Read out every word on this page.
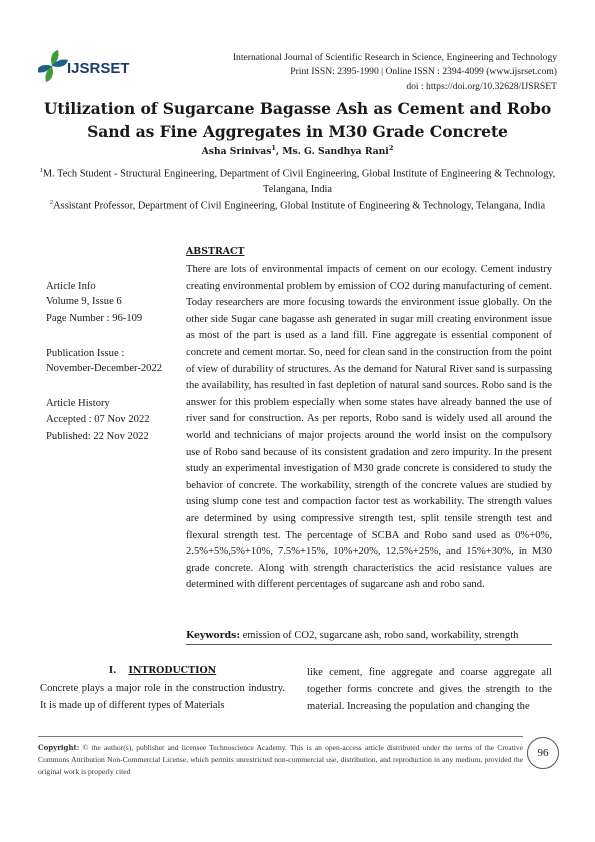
IJSRSET
International Journal of Scientific Research in Science, Engineering and Technology
Print ISSN: 2395-1990 | Online ISSN : 2394-4099 (www.ijsrset.com)
doi : https://doi.org/10.32628/IJSRSET
Utilization of Sugarcane Bagasse Ash as Cement and Robo Sand as Fine Aggregates in M30 Grade Concrete
Asha Srinivas$^1$, Ms. G. Sandhya Rani$^2$
$^1$M. Tech Student - Structural Engineering, Department of Civil Engineering, Global Institute of Engineering & Technology, Telangana, India
$^2$Assistant Professor, Department of Civil Engineering, Global Institute of Engineering & Technology, Telangana, India
Article Info
Volume 9, Issue 6
Page Number : 96-109
Publication Issue :
November-December-2022
Article History
Accepted : 07 Nov 2022
Published: 22 Nov 2022
ABSTRACT
There are lots of environmental impacts of cement on our ecology. Cement industry creating environmental problem by emission of CO2 during manufacturing of cement. Today researchers are more focusing towards the environment issue globally. On the other side Sugar cane bagasse ash generated in sugar mill creating environment issue as most of the part is used as a land fill. Fine aggregate is essential component of concrete and cement mortar. So, need for clean sand in the construction from the point of view of durability of structures. As the demand for Natural River sand is surpassing the availability, has resulted in fast depletion of natural sand sources. Robo sand is the answer for this problem especially when some states have already banned the use of river sand for construction. As per reports, Robo sand is widely used all around the world and technicians of major projects around the world insist on the compulsory use of Robo sand because of its consistent gradation and zero impurity. In the present study an experimental investigation of M30 grade concrete is considered to study the behavior of concrete. The workability, strength of the concrete values are studied by using slump cone test and compaction factor test as workability. The strength values are determined by using compressive strength test, split tensile strength test and flexural strength test. The percentage of SCBA and Robo sand used as 0%+0%, 2.5%+5%,5%+10%, 7.5%+15%, 10%+20%, 12.5%+25%, and 15%+30%, in M30 grade concrete. Along with strength characteristics the acid resistance values are determined with different percentages of sugarcane ash and robo sand.
Keywords: emission of CO2, sugarcane ash, robo sand, workability, strength
I. INTRODUCTION
Concrete plays a major role in the construction industry. It is made up of different types of Materials
like cement, fine aggregate and coarse aggregate all together forms concrete and gives the strength to the material. Increasing the population and changing the
Copyright: © the author(s), publisher and licensee Technoscience Academy. This is an open-access article distributed under the terms of the Creative Commons Attribution Non-Commercial License, which permits unrestricted non-commercial use, distribution, and reproduction in any medium, provided the original work is properly cited
96
